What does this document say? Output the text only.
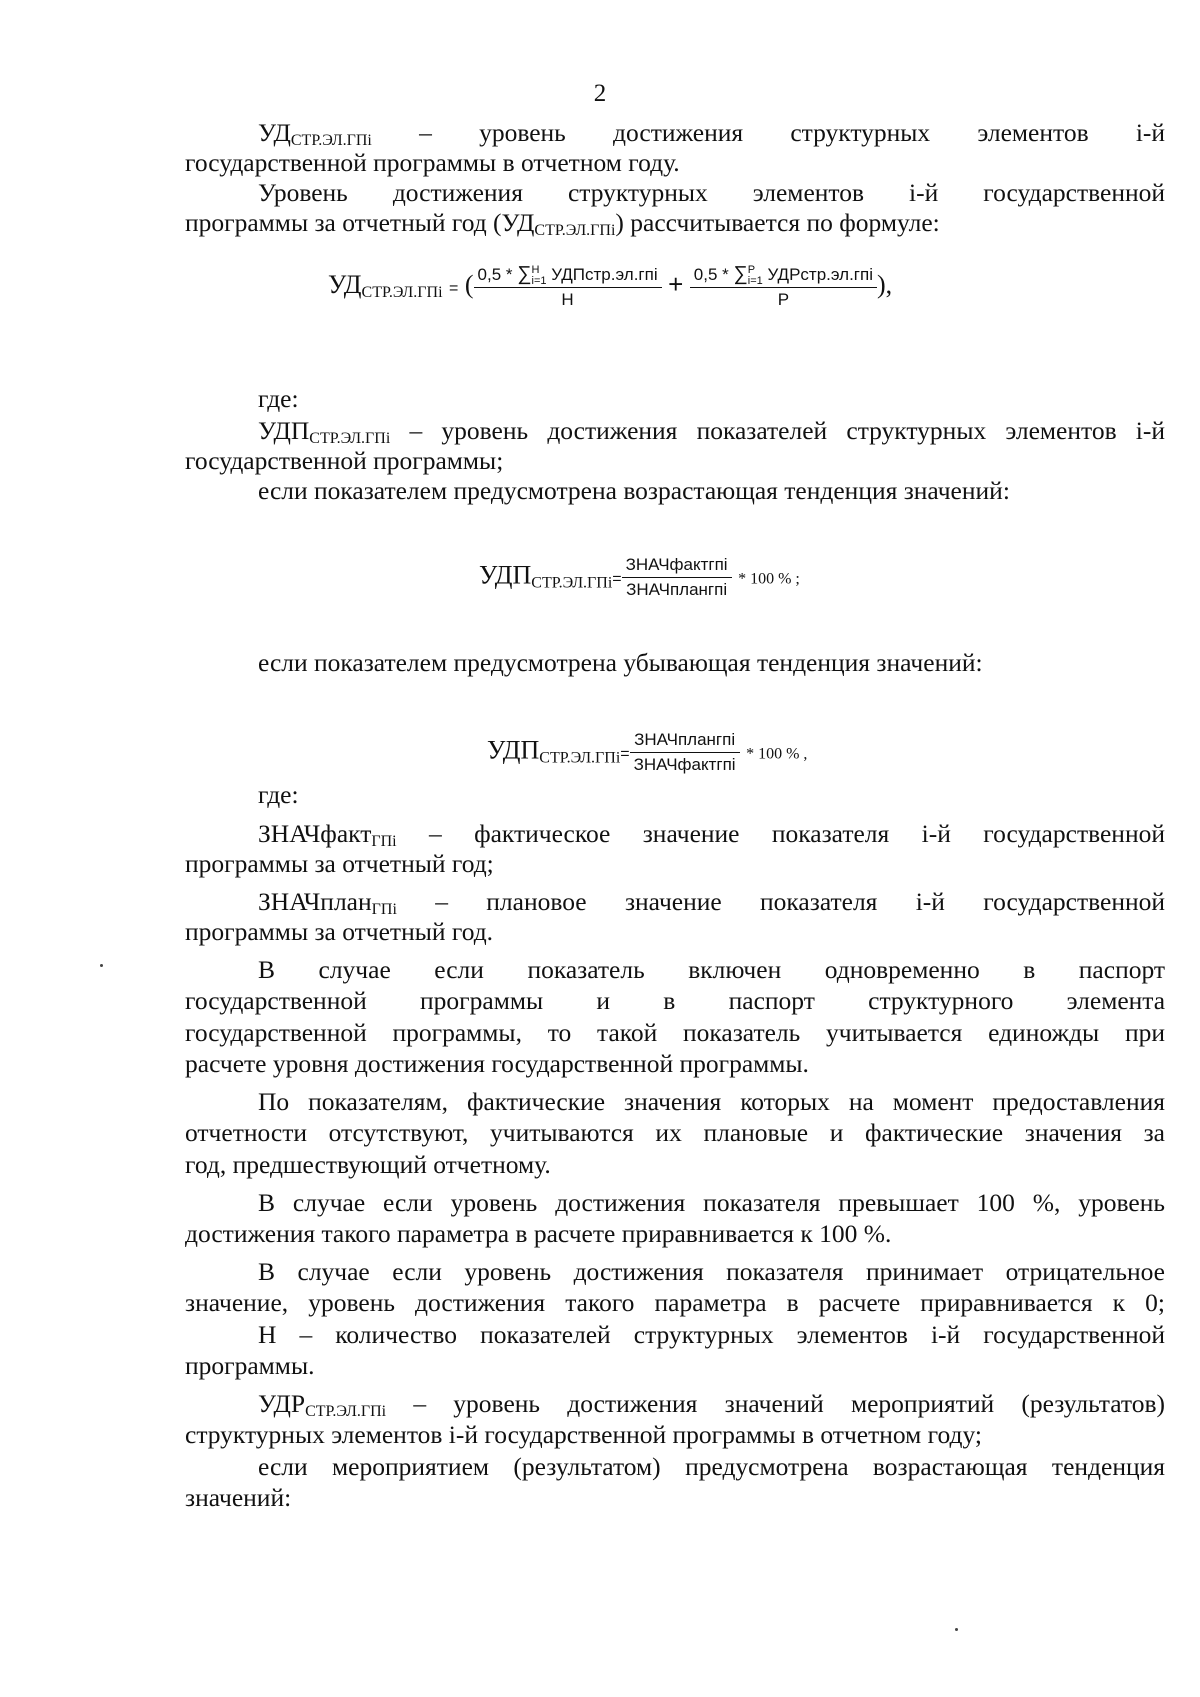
2
$УД_{СТР.ЭЛ.ГПi}$ – уровень достижения структурных элементов i-й
государственной программы в отчетном году.
Уровень достижения структурных элементов i-й государственной
программы за отчетный год $(УД_{СТР.ЭЛ.ГПi})$ рассчитывается по формуле:
$УД_{СТР.ЭЛ.ГПi}$ = ( 0,5 * ∑ Н
i=1 УДПстр.эл.гпi
Н + 0,5 * ∑ P
i=1 УДРстр.эл.гпi
P ),
где:
$УДП_{СТР.ЭЛ.ГПi}$ – уровень достижения показателей структурных элементов i-й
государственной программы;
если показателем предусмотрена возрастающая тенденция значений:
$УДП_{СТР.ЭЛ.ГПi}= \frac{\text{ЗНАЧфактгпi}}{\text{ЗНАЧплангпi}} * 100$ % ;
если показателем предусмотрена убывающая тенденция значений:
$УДП_{СТР.ЭЛ.ГПi}= \frac{\text{ЗНАЧплангпi}}{\text{ЗНАЧфактгпi}} * 100$ % ,
где:
ЗНАЧфакт$_{ГПi}$ – фактическое значение показателя i-й государственной
программы за отчетный год;
ЗНАЧплан$_{ГПi}$ – плановое значение показателя i-й государственной
программы за отчетный год.
В случае если показатель включен одновременно в паспорт
государственной программы и в паспорт структурного элемента
государственной программы, то такой показатель учитывается единожды при
расчете уровня достижения государственной программы.
По показателям, фактические значения которых на момент предоставления
отчетности отсутствуют, учитываются их плановые и фактические значения за
год, предшествующий отчетному.
В случае если уровень достижения показателя превышает 100 %, уровень
достижения такого параметра в расчете приравнивается к 100 %.
В случае если уровень достижения показателя принимает отрицательное
значение, уровень достижения такого параметра в расчете приравнивается к 0;
Н – количество показателей структурных элементов i-й государственной
программы.
$УДР_{СТР.ЭЛ.ГПi}$ – уровень достижения значений мероприятий (результатов)
структурных элементов i-й государственной программы в отчетном году;
если мероприятием (результатом) предусмотрена возрастающая тенденция
значений:
